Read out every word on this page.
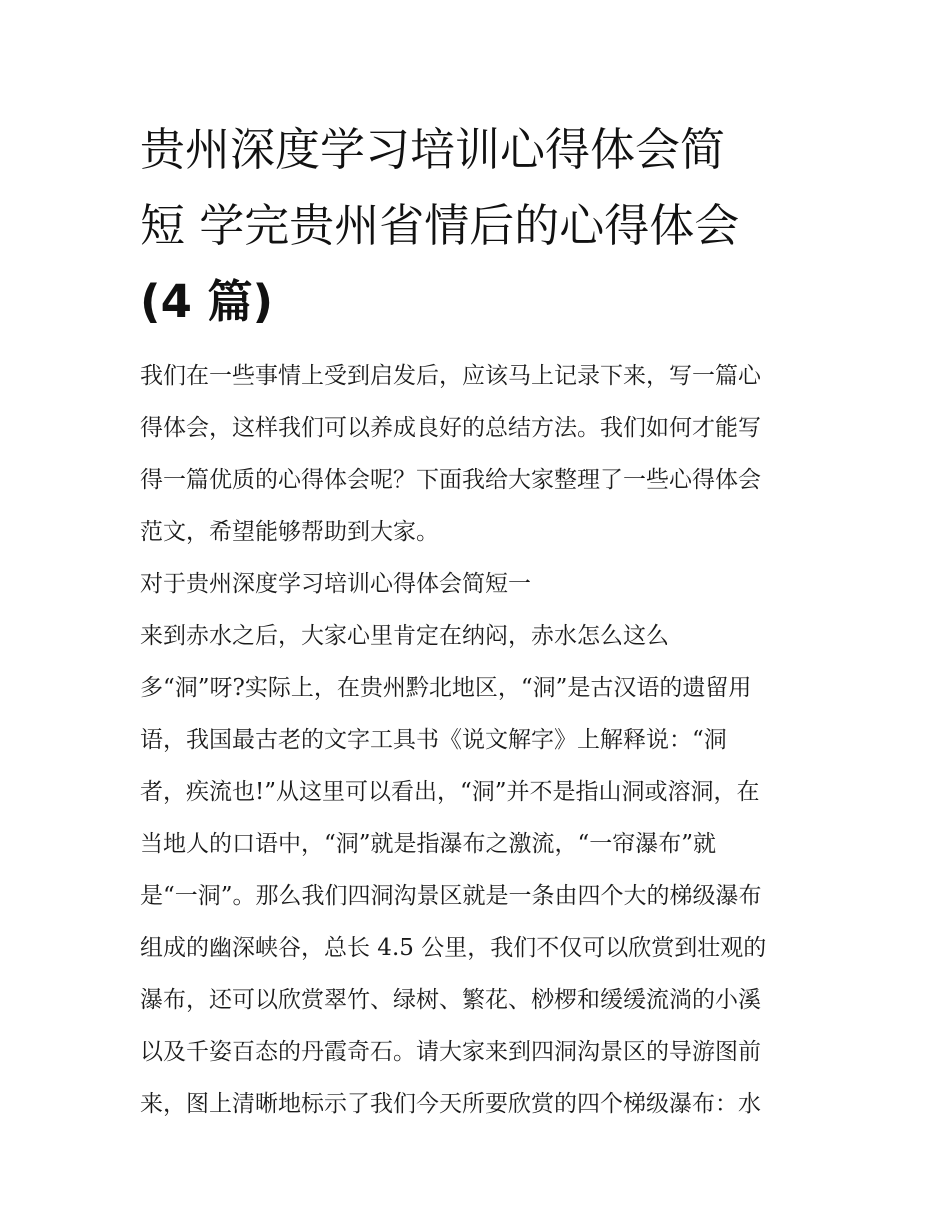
贵州深度学习培训心得体会简
短 学完贵州省情后的心得体会
(4 篇)

我们在一些事情上受到启发后，应该马上记录下来，写一篇心
得体会，这样我们可以养成良好的总结方法。我们如何才能写
得一篇优质的心得体会呢？下面我给大家整理了一些心得体会
范文，希望能够帮助到大家。

对于贵州深度学习培训心得体会简短一

来到赤水之后，大家心里肯定在纳闷，赤水怎么这么
多“洞”呀?实际上，在贵州黔北地区，“洞”是古汉语的遗留用
语，我国最古老的文字工具书《说文解字》上解释说：“洞
者，疾流也!”从这里可以看出，“洞”并不是指山洞或溶洞，在
当地人的口语中，“洞”就是指瀑布之激流，“一帘瀑布”就
是“一洞”。那么我们四洞沟景区就是一条由四个大的梯级瀑布
组成的幽深峡谷，总长 4.5 公里，我们不仅可以欣赏到壮观的
瀑布，还可以欣赏翠竹、绿树、繁花、桫椤和缓缓流淌的小溪
以及千姿百态的丹霞奇石。请大家来到四洞沟景区的导游图前
来，图上清晰地标示了我们今天所要欣赏的四个梯级瀑布：水
